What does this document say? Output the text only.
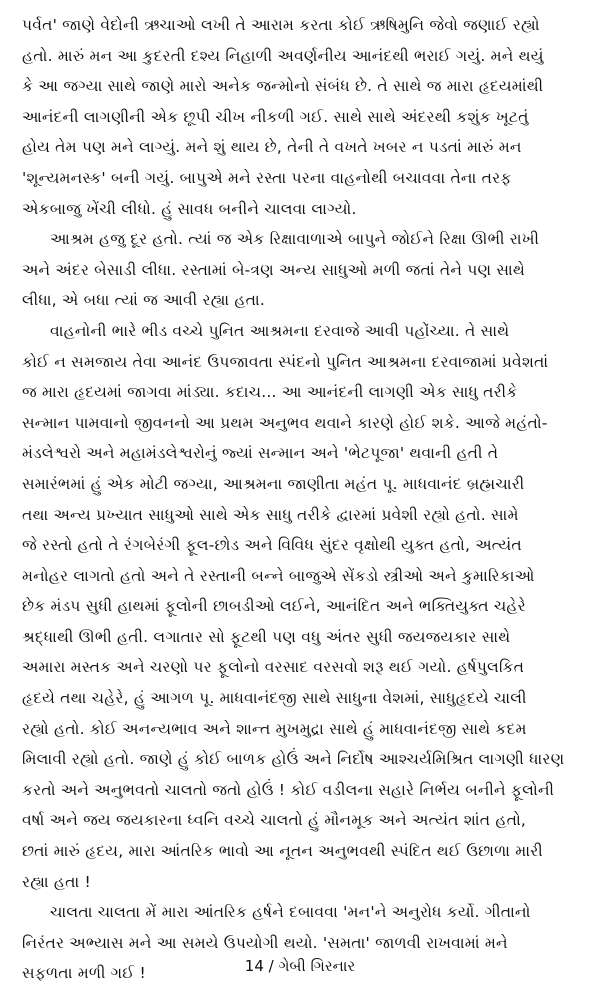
પર્વત' જાણે વેદોની ઋચાઓ લખી તે આરામ કરતા કોઈ ઋષિમુનિ જેવો જણાઈ રહ્યો
હતો. મારું મન આ કુદરતી દશ્ય નિહાળી અવર્ણનીય આનંદથી ભરાઈ ગયું. મને થયું
કે આ જગ્યા સાથે જાણે મારો અનેક જન્મોનો સંબંધ છે. તે સાથે જ મારા હૃદયમાંથી
આનંદની લાગણીની એક છૂપી ચીખ નીકળી ગઈ. સાથે સાથે અંદરથી કશુંક ખૂટતું
હોય તેમ પણ મને લાગ્યું. મને શું થાય છે, તેની તે વખતે ખબર ન પડતાં મારું મન
'શૂન્યમનસ્ક' બની ગયું. બાપુએ મને રસ્તા પરના વાહનોથી બચાવવા તેના તરફ
એકબાજુ ખેંચી લીધો. હું સાવધ બનીને ચાલવા લાગ્યો.
આશ્રમ હજુ દૂર હતો. ત્યાં જ એક રિક્ષાવાળાએ બાપુને જોઈને રિક્ષા ઊભી રાખી
અને અંદર બેસાડી લીધા. રસ્તામાં બે-ત્રણ અન્ય સાધુઓ મળી જતાં તેને પણ સાથે
લીધા, એ બધા ત્યાં જ આવી રહ્યા હતા.
વાહનોની ભારે ભીડ વચ્ચે પુનિત આશ્રમના દરવાજે આવી પહોંચ્યા. તે સાથે
કોઈ ન સમજાય તેવા આનંદ ઉપજાવતા સ્પંદનો પુનિત આશ્રમના દરવાજામાં પ્રવેશતાં
જ મારા હૃદયમાં જાગવા માંડ્યા. કદાચ... આ આનંદની લાગણી એક સાધુ તરીકે
સન્માન પામવાનો જીવનનો આ પ્રથમ અનુભવ થવાને કારણે હોઈ શકે. આજે મહંતો-
મંડલેશ્વરો અને મહામંડલેશ્વરોનું જ્યાં સન્માન અને 'ભેટપૂજા' થવાની હતી તે
સમારંભમાં હું એક મોટી જગ્યા, આશ્રમના જાણીતા મહંત પૂ. માધવાનંદ બ્રહ્મચારી
તથા અન્ય પ્રખ્યાત સાધુઓ સાથે એક સાધુ તરીકે દ્વારમાં પ્રવેશી રહ્યો હતો. સામે
જે રસ્તો હતો તે રંગબેરંગી ફૂલ-છોડ અને વિવિધ સુંદર વૃક્ષોથી યુક્ત હતો, અત્યંત
મનોહર લાગતો હતો અને તે રસ્તાની બન્ને બાજુએ સેંકડો સ્ત્રીઓ અને કુમારિકાઓ
છેક મંડપ સુધી હાથમાં ફૂલોની છાબડીઓ લઈને, આનંદિત અને ભક્તિયુક્ત ચહેરે
શ્રદ્ધાથી ઊભી હતી. લગાતાર સો ફૂટથી પણ વધુ અંતર સુધી જયજયકાર સાથે
અમારા મસ્તક અને ચરણો પર ફૂલોનો વરસાદ વરસવો શરૂ થઈ ગયો. હર્ષપુલકિત
હૃદયે તથા ચહેરે, હું આગળ પૂ. માધવાનંદજી સાથે સાધુના વેશમાં, સાધુહૃદયે ચાલી
રહ્યો હતો. કોઈ અનન્યભાવ અને શાન્ત મુખમુદ્રા સાથે હું માધવાનંદજી સાથે કદમ
મિલાવી રહ્યો હતો. જાણે હું કોઈ બાળક હોઉં અને નિર્દોષ આશ્ચર્યમિશ્રિત લાગણી ધારણ
કરતો અને અનુભવતો ચાલતો જતો હોઉં ! કોઈ વડીલના સહારે નિર્ભય બનીને ફૂલોની
વર્ષા અને જય જયકારના ધ્વનિ વચ્ચે ચાલતો હું મૌનમૂક અને અત્યંત શાંત હતો,
છતાં મારું હૃદય, મારા આંતરિક ભાવો આ નૂતન અનુભવથી સ્પંદિત થઈ ઉછાળા મારી
રહ્યા હતા !
ચાલતા ચાલતા મેં મારા આંતરિક હર્ષને દબાવવા 'મન'ને અનુરોધ કર્યો. ગીતાનો
નિરંતર અભ્યાસ મને આ સમયે ઉપયોગી થયો. 'સમતા' જાળવી રાખવામાં મને
સફળતા મળી ગઈ !	14 / ગેબી ગિરનાર
